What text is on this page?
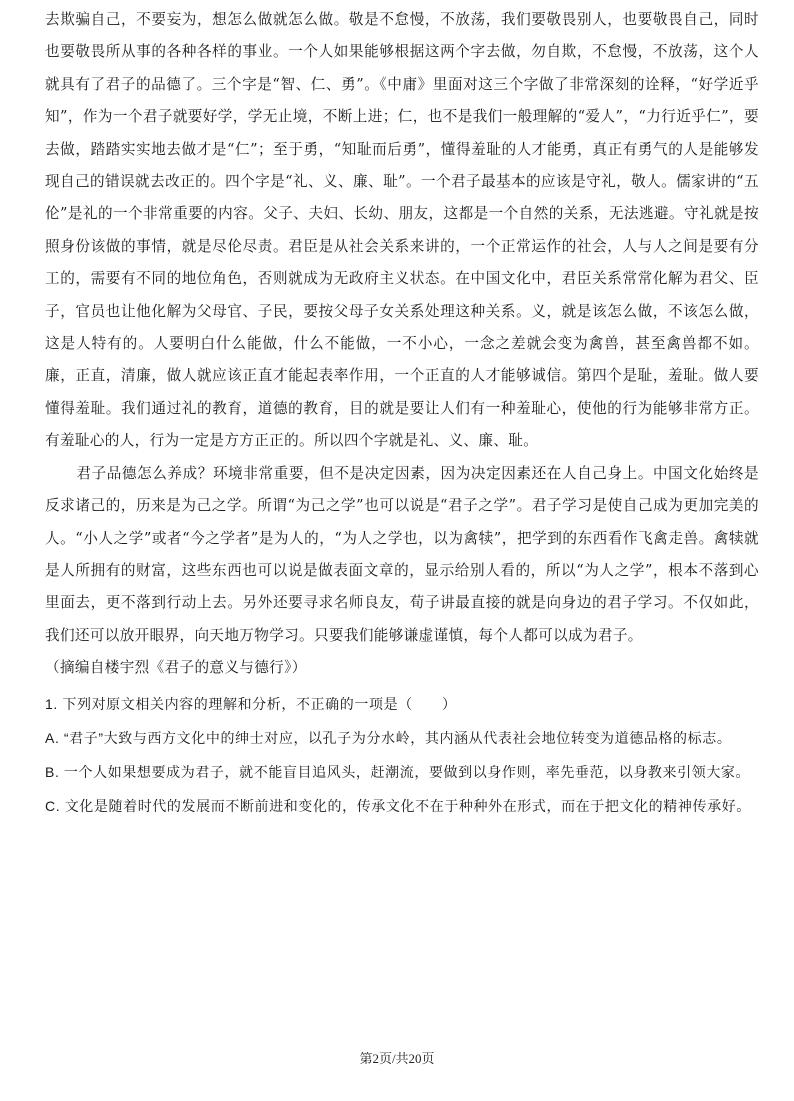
去欺骗自己，不要妄为，想怎么做就怎么做。敬是不怠慢，不放荡，我们要敬畏别人，也要敬畏自己，同时也要敬畏所从事的各种各样的事业。一个人如果能够根据这两个字去做，勿自欺，不怠慢，不放荡，这个人就具有了君子的品德了。三个字是“智、仁、勇”。《中庸》里面对这三个字做了非常深刻的诠释，“好学近乎知”，作为一个君子就要好学，学无止境，不断上进；仁，也不是我们一般理解的“爱人”，“力行近乎仁”，要去做，踏踏实实地去做才是“仁”；至于勇，“知耻而后勇”，懂得羞耻的人才能勇，真正有勇气的人是能够发现自己的错误就去改正的。四个字是“礼、义、廉、耻”。一个君子最基本的应该是守礼，敬人。儒家讲的“五伦”是礼的一个非常重要的内容。父子、夫妇、长幼、朋友，这都是一个自然的关系，无法逃避。守礼就是按照身份该做的事情，就是尽伦尽责。君臣是从社会关系来讲的，一个正常运作的社会，人与人之间是要有分工的，需要有不同的地位角色，否则就成为无政府主义状态。在中国文化中，君臣关系常常化解为君父、臣子，官员也让他化解为父母官、子民，要按父母子女关系处理这种关系。义，就是该怎么做，不该怎么做，这是人特有的。人要明白什么能做，什么不能做，一不小心，一念之差就会变为禽兽，甚至禽兽都不如。廉，正直，清廉，做人就应该正直才能起表率作用，一个正直的人才能够诚信。第四个是耻，羞耻。做人要懂得羞耻。我们通过礼的教育，道德的教育，目的就是要让人们有一种羞耻心，使他的行为能够非常方正。有羞耻心的人，行为一定是方方正正的。所以四个字就是礼、义、廉、耻。

君子品德怎么养成？环境非常重要，但不是决定因素，因为决定因素还在人自己身上。中国文化始终是反求诸己的，历来是为己之学。所谓“为己之学”也可以说是“君子之学”。君子学习是使自己成为更加完美的人。“小人之学”或者“今之学者”是为人的，“为人之学也，以为禽犊”，把学到的东西看作飞禽走兽。禽犊就是人所拥有的财富，这些东西也可以说是做表面文章的，显示给别人看的，所以“为人之学”，根本不落到心里面去，更不落到行动上去。另外还要寻求名师良友，荀子讲最直接的就是向身边的君子学习。不仅如此，我们还可以放开眼界，向天地万物学习。只要我们能够谦虚谨慎，每个人都可以成为君子。

（摘编自楼宇烈《君子的意义与德行》）

1. 下列对原文相关内容的理解和分析，不正确的一项是（　　）

A. “君子”大致与西方文化中的绅士对应，以孔子为分水岭，其内涵从代表社会地位转变为道德品格的标志。

B. 一个人如果想要成为君子，就不能盲目追风头，赶潮流，要做到以身作则，率先垂范，以身教来引领大家。

C. 文化是随着时代的发展而不断前进和变化的，传承文化不在于种种外在形式，而在于把文化的精神传承好。

第2页/共20页
